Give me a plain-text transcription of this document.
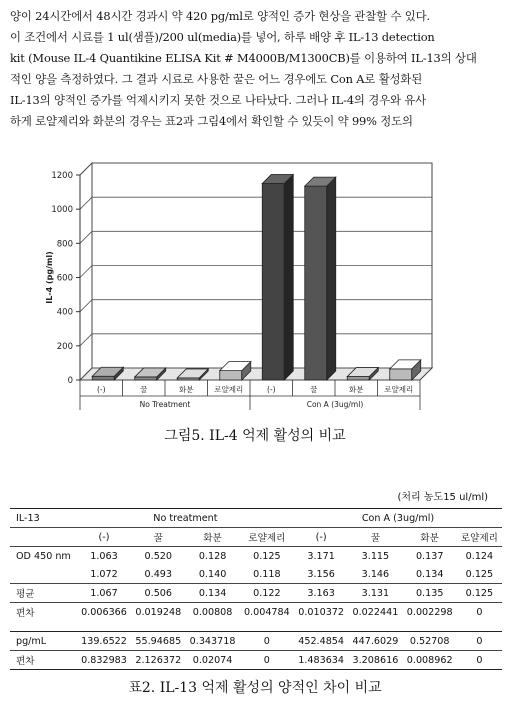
양이 24시간에서 48시간 경과시 약 420 pg/ml로 양적인 증가 현상을 관찰할 수 있다.
이 조건에서 시료를 1 ul(샘플)/200 ul(media)를 넣어, 하루 배양 후 IL-13 detection
kit (Mouse IL-4 Quantikine ELISA Kit # M4000B/M1300CB)를 이용하여 IL-13의 상대
적인 양을 측정하였다. 그 결과 시료로 사용한 꿀은 어느 경우에도 Con A로 활성화된
IL-13의 양적인 증가를 억제시키지 못한 것으로 나타났다. 그러나 IL-4의 경우와 유사
하게 로얄제리와 화분의 경우는 표2과 그림4에서 확인할 수 있듯이 약 99% 정도의
0
200
400
600
800
1000
1200
IL-4 (pg/ml)
(-)	꿀	화분	로얄제리	(-)	꿀	화분	로얄제리
No Treatment	Con A (3ug/ml)
그림5. IL-4 억제 활성의 비교
(처리 농도15 ul/ml)
IL-13	No treatment				Con A (3ug/ml)			
	(-)	꿀	화분	로얄제리	(-)	꿀	화분	로얄제리
OD 450 nm	1.063	0.520	0.128	0.125	3.171	3.115	0.137	0.124
	1.072	0.493	0.140	0.118	3.156	3.146	0.134	0.125
평균	1.067	0.506	0.134	0.122	3.163	3.131	0.135	0.125
편차	0.006366	0.019248	0.00808	0.004784	0.010372	0.022441	0.002298	0

pg/mL	139.6522	55.94685	0.343718	0	452.4854	447.6029	0.52708	0
편차	0.832983	2.126372	0.02074	0	1.483634	3.208616	0.008962	0
표2. IL-13 억제 활성의 양적인 차이 비교
